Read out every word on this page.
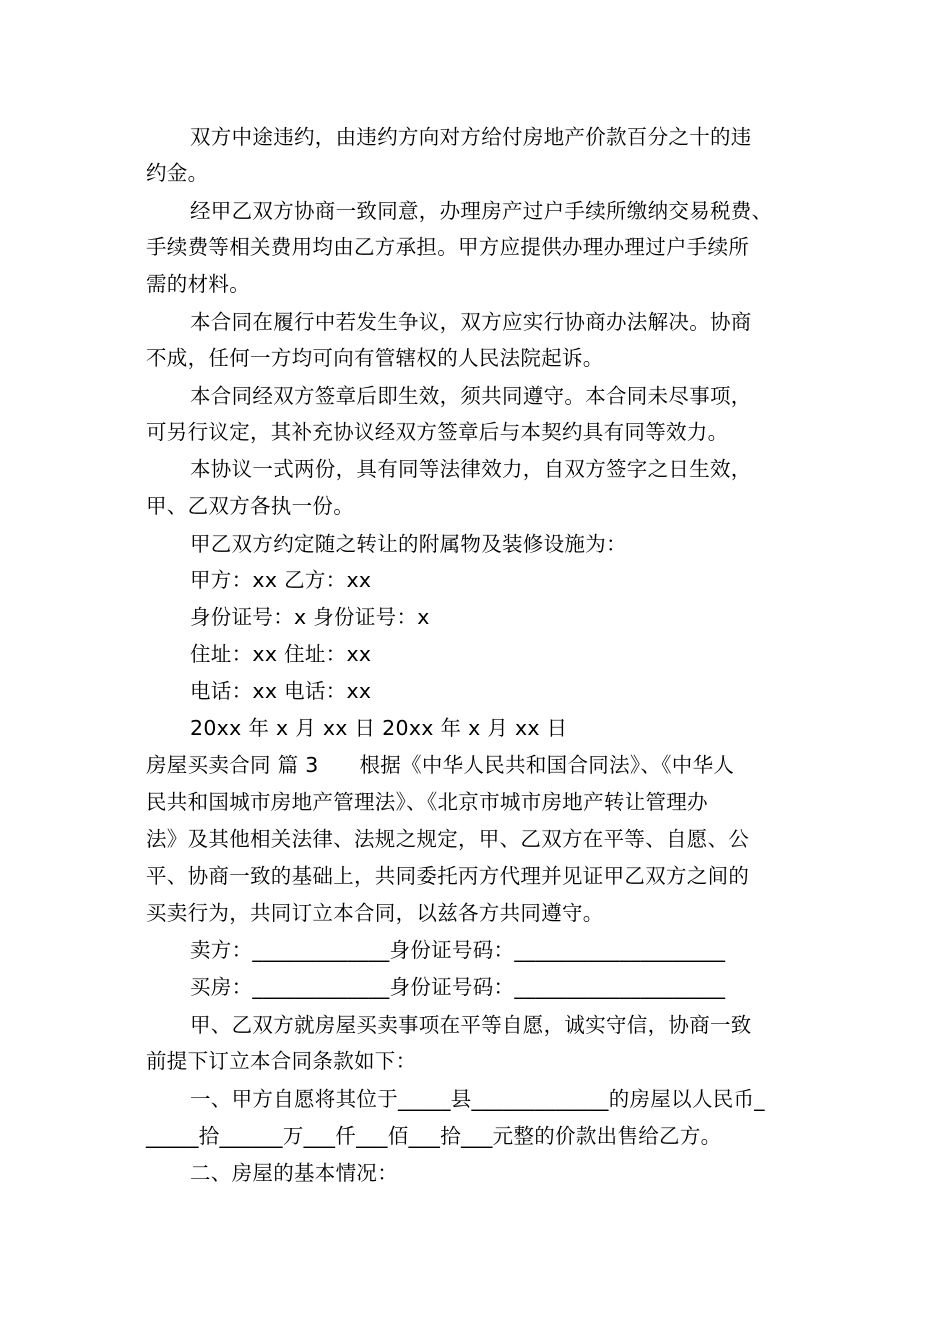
双方中途违约，由违约方向对方给付房地产价款百分之十的违
约金。
经甲乙双方协商一致同意，办理房产过户手续所缴纳交易税费、
手续费等相关费用均由乙方承担。甲方应提供办理办理过户手续所
需的材料。
本合同在履行中若发生争议，双方应实行协商办法解决。协商
不成，任何一方均可向有管辖权的人民法院起诉。
本合同经双方签章后即生效，须共同遵守。本合同未尽事项，
可另行议定，其补充协议经双方签章后与本契约具有同等效力。
本协议一式两份，具有同等法律效力，自双方签字之日生效，
甲、乙双方各执一份。
甲乙双方约定随之转让的附属物及装修设施为：
甲方：xx 乙方：xx
身份证号：x 身份证号：x
住址：xx 住址：xx
电话：xx 电话：xx
20xx 年 x 月 xx 日 20xx 年 x 月 xx 日
房屋买卖合同 篇 3      根据《中华人民共和国合同法》、《中华人
民共和国城市房地产管理法》、《北京市城市房地产转让管理办
法》及其他相关法律、法规之规定，甲、乙双方在平等、自愿、公
平、协商一致的基础上，共同委托丙方代理并见证甲乙双方之间的
买卖行为，共同订立本合同，以兹各方共同遵守。
卖方：_____________身份证号码：____________________
买房：_____________身份证号码：____________________
甲、乙双方就房屋买卖事项在平等自愿，诚实守信，协商一致
前提下订立本合同条款如下：
一、甲方自愿将其位于_____县_____________的房屋以人民币_
_____拾______万___仟___佰___拾___元整的价款出售给乙方。
二、房屋的基本情况：
